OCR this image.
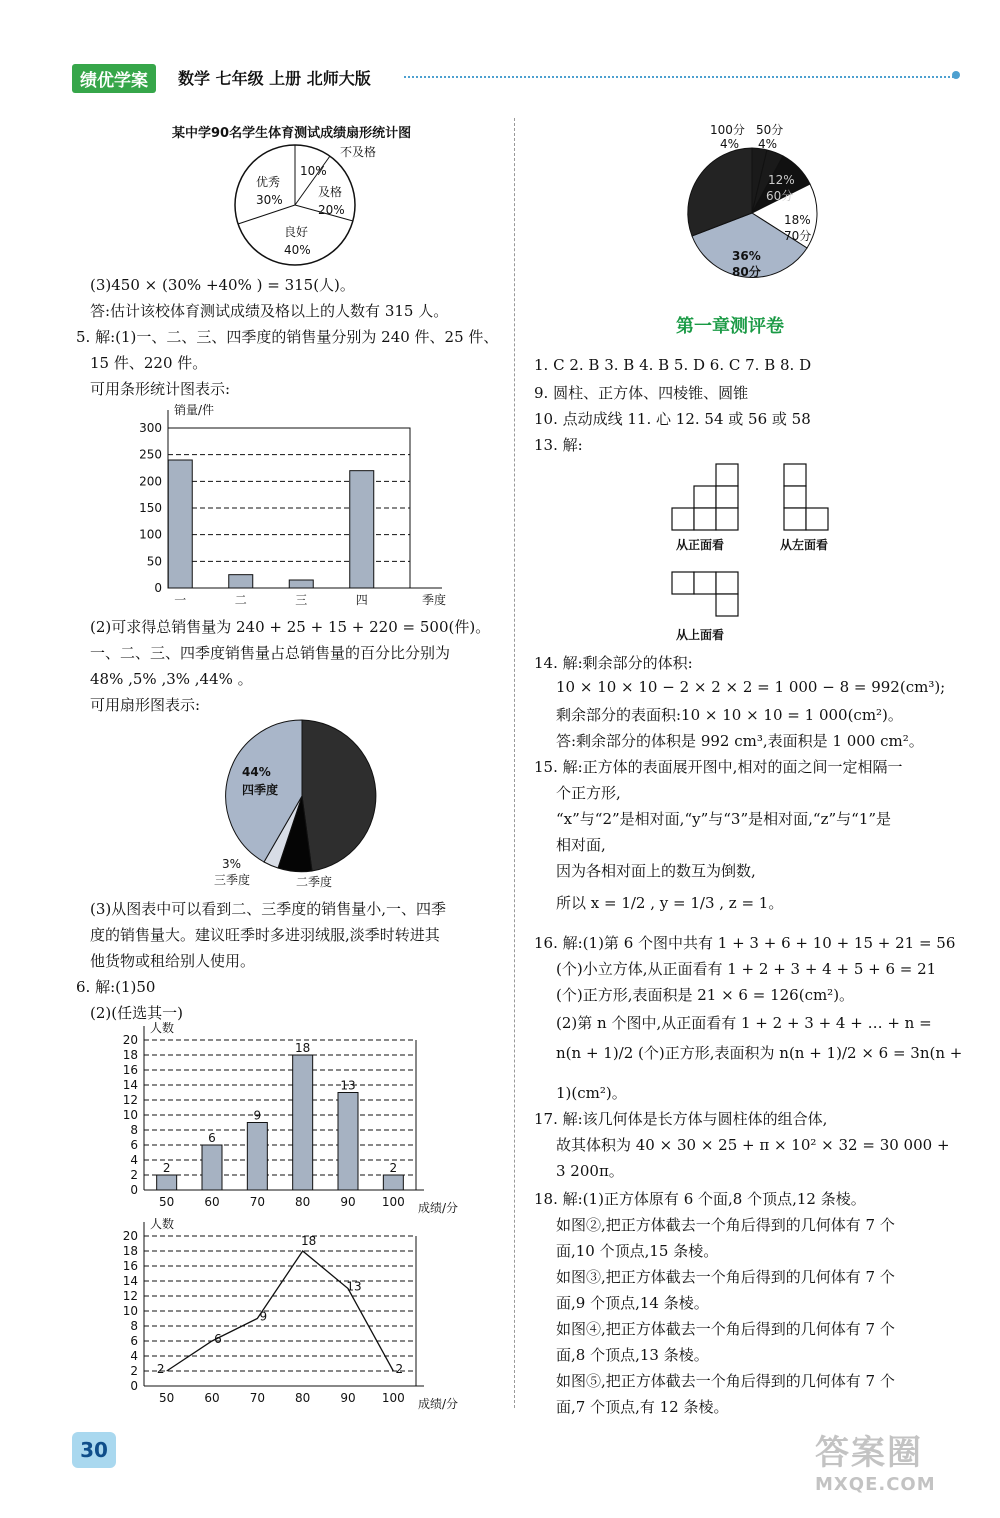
绩优学案	数学 七年级 上册 北师大版
某中学90名学生体育测试成绩扇形统计图
10%
不及格
及格
20%
良好
40%
优秀
30%
(3)450 × (30% +40% ) = 315(人)。
答:估计该校体育测试成绩及格以上的人数有 315 人。
5. 解:(1)一、二、三、四季度的销售量分别为 240 件、25 件、
15 件、220 件。
可用条形统计图表示:
0
50
100
150
200
250
300
销量/件
季度
一	二	三	四
(2)可求得总销售量为 240 + 25 + 15 + 220 = 500(件)。
一、二、三、四季度销售量占总销售量的百分比分别为
48% ,5% ,3% ,44% 。
可用扇形图表示:
44%
四季度
3%
三季度	二季度
(3)从图表中可以看到二、三季度的销售量小,一、四季
度的销售量大。建议旺季时多进羽绒服,淡季时转进其
他货物或租给别人使用。
6. 解:(1)50
(2)(任选其一)
0
2
4
6
8
10
12
14
16
18
20
人数
成绩/分
50	60	70	80	90 100
2
6
9
18
13
2
0
2
4
6
8
10
12
14
16
18
20
人数
成绩/分
50	60	70	80	90 100
2
6
9
18
13
2
30
100分
4%
50分
4%
12%
60分
18%
70分
36%
80分
第一章测评卷
1. C 2. B 3. B 4. B 5. D 6. C 7. B 8. D
9. 圆柱、正方体、四棱锥、圆锥
10. 点动成线 11. 心 12. 54 或 56 或 58
13. 解:
从正面看	从左面看
从上面看
14. 解:剩余部分的体积:
10 × 10 × 10 − 2 × 2 × 2 = 1 000 − 8 = 992(cm³);
剩余部分的表面积:10 × 10 × 10 = 1 000(cm²)。
答:剩余部分的体积是 992 cm³,表面积是 1 000 cm²。
15. 解:正方体的表面展开图中,相对的面之间一定相隔一
个正方形,
“x”与“2”是相对面,“y”与“3”是相对面,“z”与“1”是
相对面,
因为各相对面上的数互为倒数,
所以 x = 1/2 , y = 1/3 , z = 1。
16. 解:(1)第 6 个图中共有 1 + 3 + 6 + 10 + 15 + 21 = 56
(个)小立方体,从正面看有 1 + 2 + 3 + 4 + 5 + 6 = 21
(个)正方形,表面积是 21 × 6 = 126(cm²)。
(2)第 n 个图中,从正面看有 1 + 2 + 3 + 4 + … + n =
n(n + 1)/2 (个)正方形,表面积为 n(n + 1)/2 × 6 = 3n(n +
1)(cm²)。
17. 解:该几何体是长方体与圆柱体的组合体,
故其体积为 40 × 30 × 25 + π × 10² × 32 = 30 000 +
3 200π。
18. 解:(1)正方体原有 6 个面,8 个顶点,12 条棱。
如图②,把正方体截去一个角后得到的几何体有 7 个
面,10 个顶点,15 条棱。
如图③,把正方体截去一个角后得到的几何体有 7 个
面,9 个顶点,14 条棱。
如图④,把正方体截去一个角后得到的几何体有 7 个
面,8 个顶点,13 条棱。
如图⑤,把正方体截去一个角后得到的几何体有 7 个
面,7 个顶点,有 12 条棱。
答案圈
MXQE.COM
